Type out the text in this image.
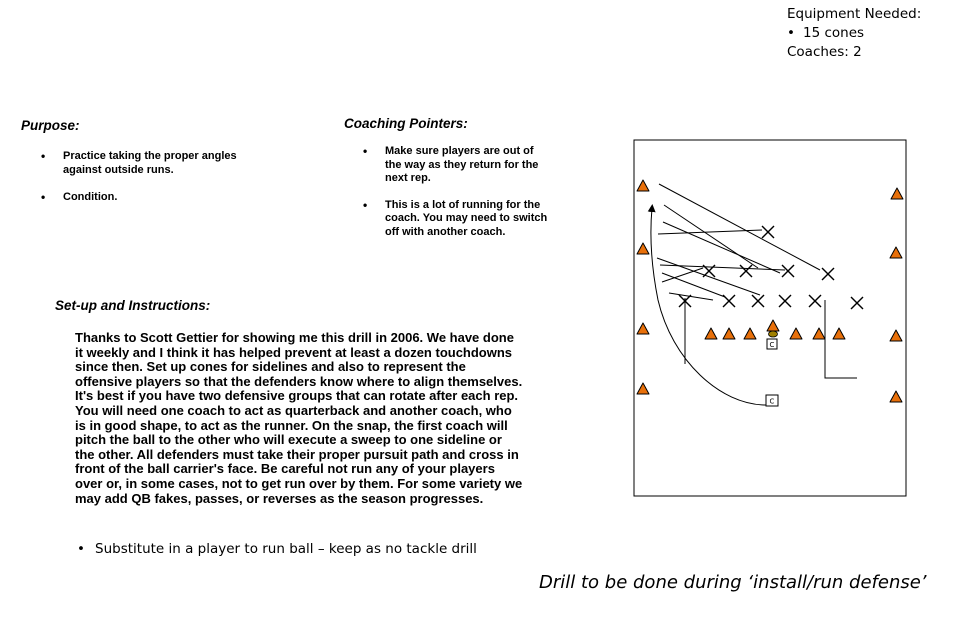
Equipment Needed:
• 15 cones
Coaches: 2
Purpose:
• Practice taking the proper angles against outside runs.
• Condition.
Coaching Pointers:
• Make sure players are out of the way as they return for the next rep.
• This is a lot of running for the coach. You may need to switch off with another coach.
Set-up and Instructions:
Thanks to Scott Gettier for showing me this drill in 2006. We have done
it weekly and I think it has helped prevent at least a dozen touchdowns
since then. Set up cones for sidelines and also to represent the
offensive players so that the defenders know where to align themselves.
It's best if you have two defensive groups that can rotate after each rep.
You will need one coach to act as quarterback and another coach, who
is in good shape, to act as the runner. On the snap, the first coach will
pitch the ball to the other who will execute a sweep to one sideline or
the other. All defenders must take their proper pursuit path and cross in
front of the ball carrier's face. Be careful not run any of your players
over or, in some cases, not to get run over by them. For some variety we
may add QB fakes, passes, or reverses as the season progresses.
• Substitute in a player to run ball – keep as no tackle drill
Drill to be done during ‘install/run defense’
C
C
